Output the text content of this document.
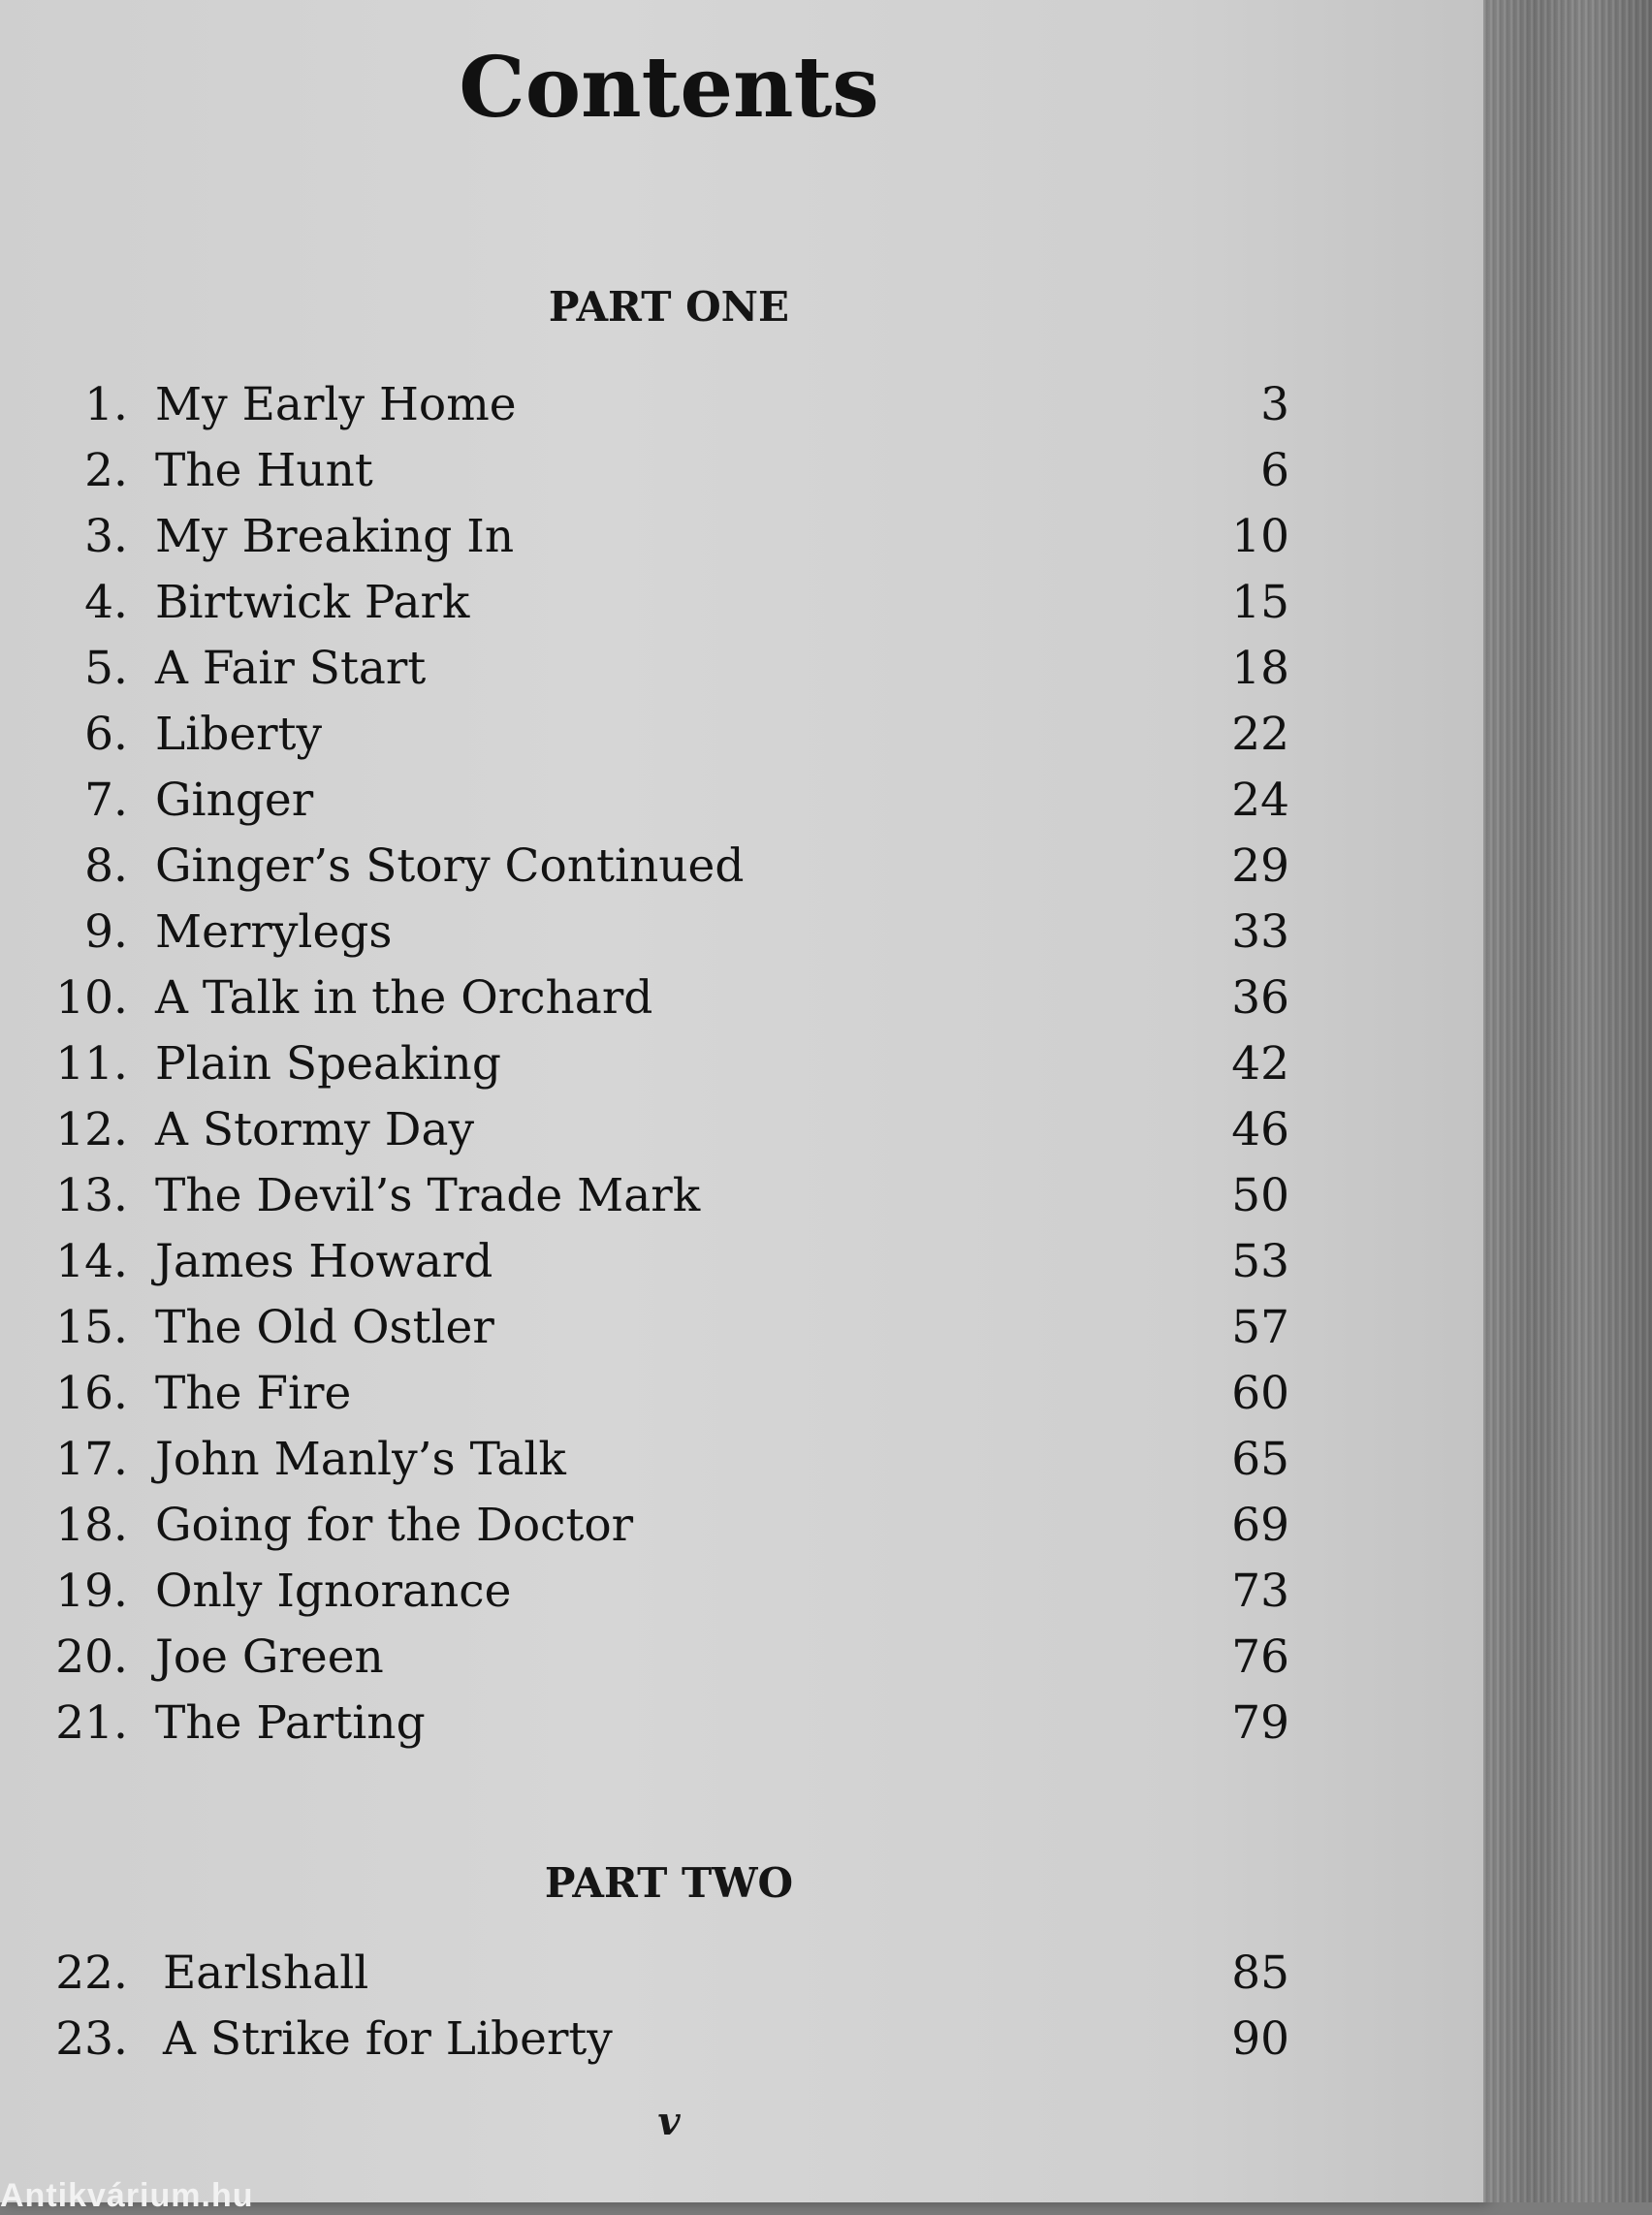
Contents
PART ONE
1. My Early Home	3
2. The Hunt	6
3. My Breaking In	10
4. Birtwick Park	15
5. A Fair Start	18
6. Liberty	22
7. Ginger	24
8. Ginger’s Story Continued	29
9. Merrylegs	33
10. A Talk in the Orchard	36
11. Plain Speaking	42
12. A Stormy Day	46
13. The Devil’s Trade Mark	50
14. James Howard	53
15. The Old Ostler	57
16. The Fire	60
17. John Manly’s Talk	65
18. Going for the Doctor	69
19. Only Ignorance	73
20. Joe Green	76
21. The Parting	79
PART TWO
22. Earlshall	85
23. A Strike for Liberty	90

v

Antikvárium.hu
